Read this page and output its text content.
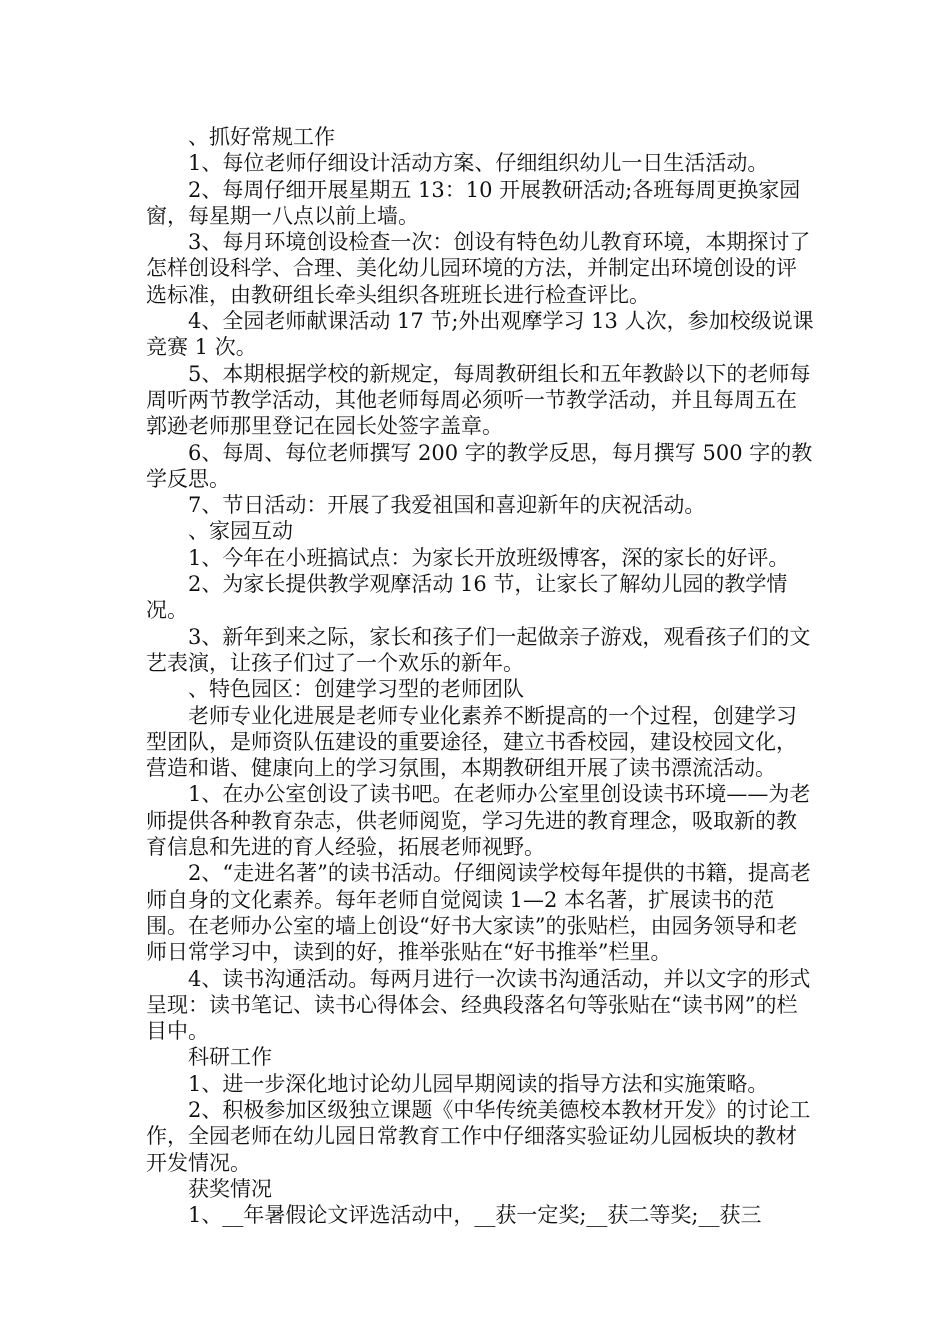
、抓好常规工作

1、每位老师仔细设计活动方案、仔细组织幼儿一日生活活动。

2、每周仔细开展星期五 13：10 开展教研活动;各班每周更换家园窗，每星期一八点以前上墙。

3、每月环境创设检查一次：创设有特色幼儿教育环境，本期探讨了怎样创设科学、合理、美化幼儿园环境的方法，并制定出环境创设的评选标准，由教研组长牵头组织各班班长进行检查评比。

4、全园老师献课活动 17 节;外出观摩学习 13 人次，参加校级说课竞赛 1 次。

5、本期根据学校的新规定，每周教研组长和五年教龄以下的老师每周听两节教学活动，其他老师每周必须听一节教学活动，并且每周五在郭逊老师那里登记在园长处签字盖章。

6、每周、每位老师撰写 200 字的教学反思，每月撰写 500 字的教学反思。

7、节日活动：开展了我爱祖国和喜迎新年的庆祝活动。

、家园互动

1、今年在小班搞试点：为家长开放班级博客，深的家长的好评。

2、为家长提供教学观摩活动 16 节，让家长了解幼儿园的教学情况。

3、新年到来之际，家长和孩子们一起做亲子游戏，观看孩子们的文艺表演，让孩子们过了一个欢乐的新年。

、特色园区：创建学习型的老师团队

老师专业化进展是老师专业化素养不断提高的一个过程，创建学习型团队，是师资队伍建设的重要途径，建立书香校园，建设校园文化，营造和谐、健康向上的学习氛围，本期教研组开展了读书漂流活动。

1、在办公室创设了读书吧。在老师办公室里创设读书环境——为老师提供各种教育杂志，供老师阅览，学习先进的教育理念，吸取新的教育信息和先进的育人经验，拓展老师视野。

2、“走进名著”的读书活动。仔细阅读学校每年提供的书籍，提高老师自身的文化素养。每年老师自觉阅读 1—2 本名著，扩展读书的范围。在老师办公室的墙上创设“好书大家读”的张贴栏，由园务领导和老师日常学习中，读到的好，推举张贴在“好书推举”栏里。

4、读书沟通活动。每两月进行一次读书沟通活动，并以文字的形式呈现：读书笔记、读书心得体会、经典段落名句等张贴在“读书网”的栏目中。

科研工作

1、进一步深化地讨论幼儿园早期阅读的指导方法和实施策略。

2、积极参加区级独立课题《中华传统美德校本教材开发》的讨论工作，全园老师在幼儿园日常教育工作中仔细落实验证幼儿园板块的教材开发情况。

获奖情况

1、__年暑假论文评选活动中，__获一定奖;__获二等奖;__获三
